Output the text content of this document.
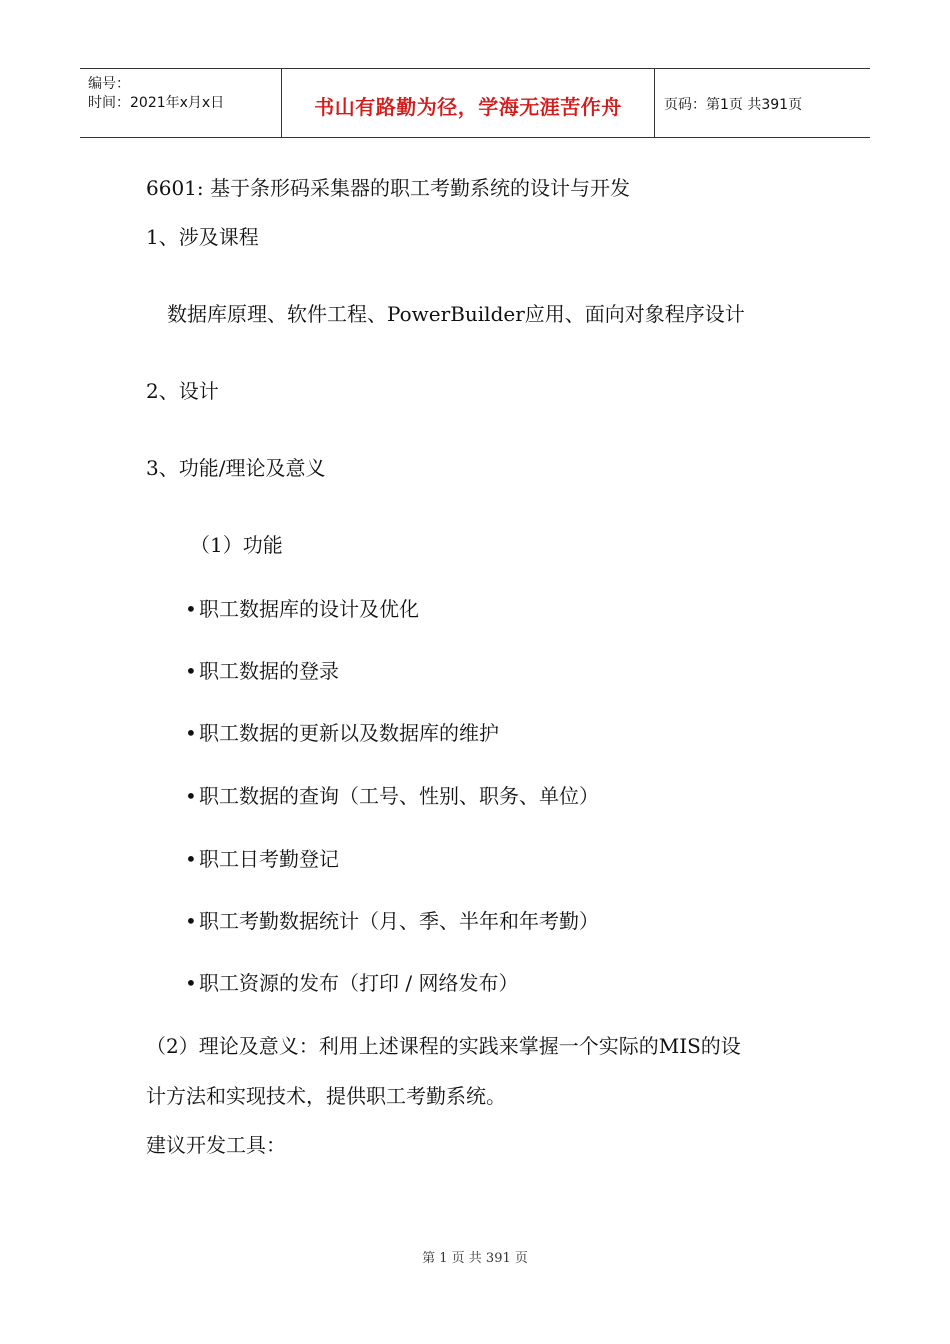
编号：
时间：2021年x月x日	书山有路勤为径，学海无涯苦作舟	页码：第1页 共391页
6601: 基于条形码采集器的职工考勤系统的设计与开发
1、涉及课程
数据库原理、软件工程、PowerBuilder应用、面向对象程序设计
2、设计
3、功能/理论及意义
（1）功能
• 职工数据库的设计及优化
• 职工数据的登录
• 职工数据的更新以及数据库的维护
• 职工数据的查询（工号、性别、职务、单位）
• 职工日考勤登记
• 职工考勤数据统计（月、季、半年和年考勤）
• 职工资源的发布（打印 / 网络发布）
（2）理论及意义：利用上述课程的实践来掌握一个实际的MIS的设
计方法和实现技术，提供职工考勤系统。
建议开发工具：
第 1 页 共 391 页
